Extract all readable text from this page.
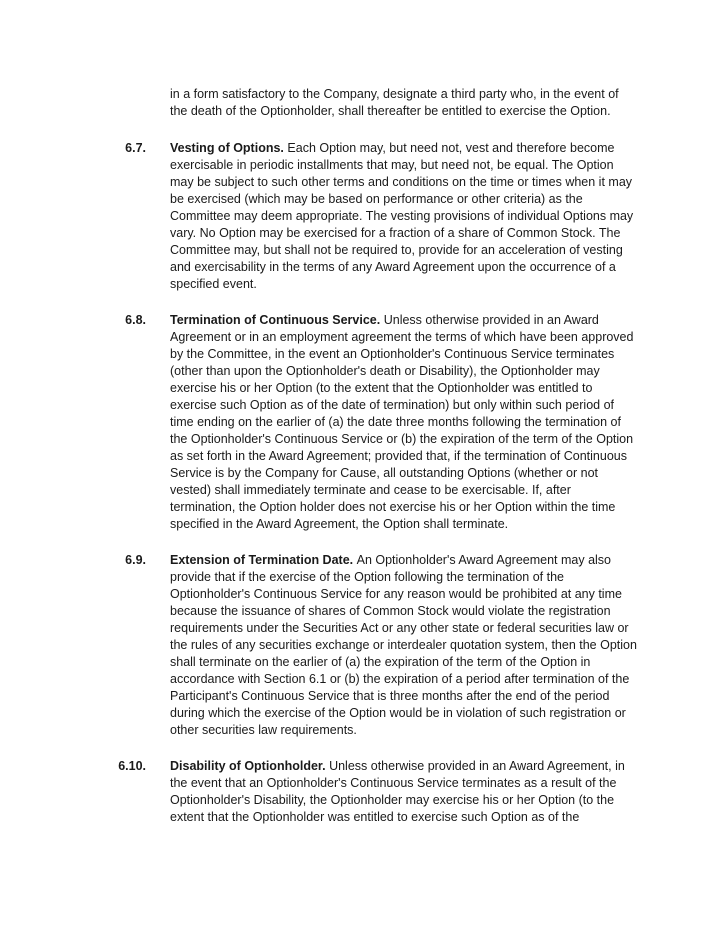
in a form satisfactory to the Company, designate a third party who, in the event of the death of the Optionholder, shall thereafter be entitled to exercise the Option.

6.7. Vesting of Options. Each Option may, but need not, vest and therefore become exercisable in periodic installments that may, but need not, be equal. The Option may be subject to such other terms and conditions on the time or times when it may be exercised (which may be based on performance or other criteria) as the Committee may deem appropriate. The vesting provisions of individual Options may vary. No Option may be exercised for a fraction of a share of Common Stock. The Committee may, but shall not be required to, provide for an acceleration of vesting and exercisability in the terms of any Award Agreement upon the occurrence of a specified event.
6.8. Termination of Continuous Service. Unless otherwise provided in an Award Agreement or in an employment agreement the terms of which have been approved by the Committee, in the event an Optionholder's Continuous Service terminates (other than upon the Optionholder's death or Disability), the Optionholder may exercise his or her Option (to the extent that the Optionholder was entitled to exercise such Option as of the date of termination) but only within such period of time ending on the earlier of (a) the date three months following the termination of the Optionholder's Continuous Service or (b) the expiration of the term of the Option as set forth in the Award Agreement; provided that, if the termination of Continuous Service is by the Company for Cause, all outstanding Options (whether or not vested) shall immediately terminate and cease to be exercisable. If, after termination, the Option holder does not exercise his or her Option within the time specified in the Award Agreement, the Option shall terminate.
6.9. Extension of Termination Date. An Optionholder's Award Agreement may also provide that if the exercise of the Option following the termination of the Optionholder's Continuous Service for any reason would be prohibited at any time because the issuance of shares of Common Stock would violate the registration requirements under the Securities Act or any other state or federal securities law or the rules of any securities exchange or interdealer quotation system, then the Option shall terminate on the earlier of (a) the expiration of the term of the Option in accordance with Section 6.1 or (b) the expiration of a period after termination of the Participant's Continuous Service that is three months after the end of the period during which the exercise of the Option would be in violation of such registration or other securities law requirements.
6.10. Disability of Optionholder. Unless otherwise provided in an Award Agreement, in the event that an Optionholder's Continuous Service terminates as a result of the Optionholder's Disability, the Optionholder may exercise his or her Option (to the extent that the Optionholder was entitled to exercise such Option as of the
